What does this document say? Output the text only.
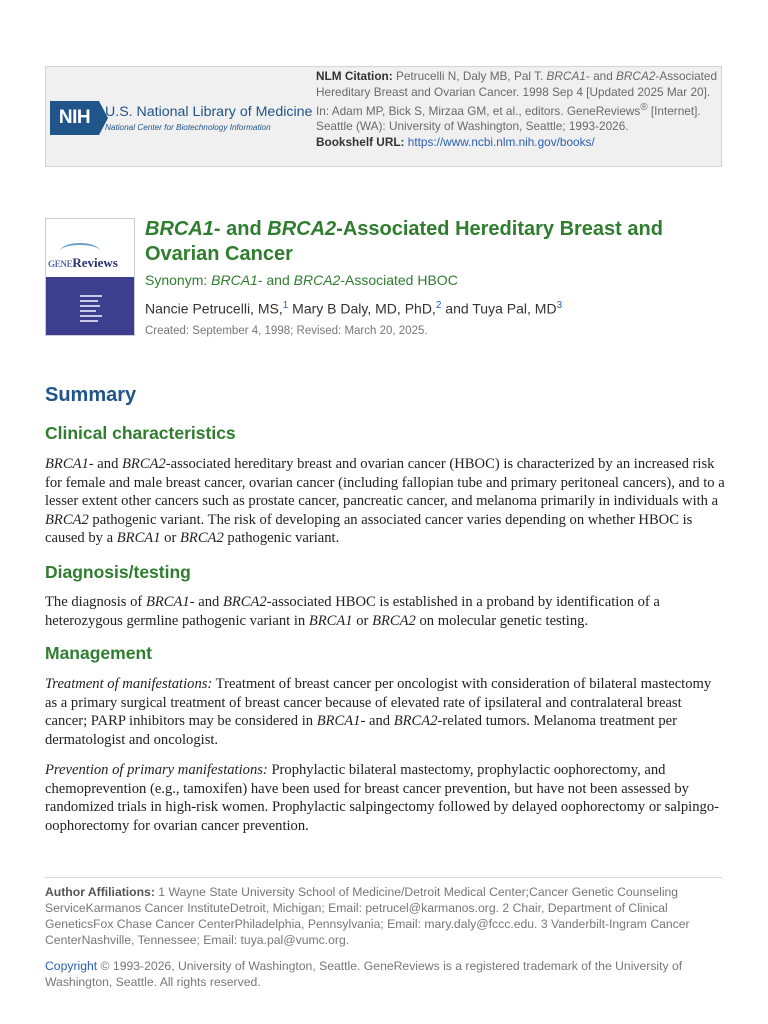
NIH	U.S. National Library of Medicine
National Center for Biotechnology Information
NLM Citation: Petrucelli N, Daly MB, Pal T. BRCA1- and BRCA2-Associated Hereditary Breast and Ovarian Cancer. 1998 Sep 4 [Updated 2025 Mar 20]. In: Adam MP, Bick S, Mirzaa GM, et al., editors. GeneReviews® [Internet]. Seattle (WA): University of Washington, Seattle; 1993-2026.
Bookshelf URL: https://www.ncbi.nlm.nih.gov/books/
GENEReviews
BRCA1- and BRCA2-Associated Hereditary Breast and Ovarian Cancer
Synonym: BRCA1- and BRCA2-Associated HBOC
Nancie Petrucelli, MS,$^1$ Mary B Daly, MD, PhD,$^2$ and Tuya Pal, $MD^3$
Created: September 4, 1998; Revised: March 20, 2025.
Summary
Clinical characteristics

BRCA1- and BRCA2-associated hereditary breast and ovarian cancer (HBOC) is characterized by an increased risk for female and male breast cancer, ovarian cancer (including fallopian tube and primary peritoneal cancers), and to a lesser extent other cancers such as prostate cancer, pancreatic cancer, and melanoma primarily in individuals with a BRCA2 pathogenic variant. The risk of developing an associated cancer varies depending on whether HBOC is caused by a BRCA1 or BRCA2 pathogenic variant.

Diagnosis/testing

The diagnosis of BRCA1- and BRCA2-associated HBOC is established in a proband by identification of a heterozygous germline pathogenic variant in BRCA1 or BRCA2 on molecular genetic testing.

Management

Treatment of manifestations: Treatment of breast cancer per oncologist with consideration of bilateral mastectomy as a primary surgical treatment of breast cancer because of elevated rate of ipsilateral and contralateral breast cancer; PARP inhibitors may be considered in BRCA1- and BRCA2-related tumors. Melanoma treatment per dermatologist and oncologist.

Prevention of primary manifestations: Prophylactic bilateral mastectomy, prophylactic oophorectomy, and chemoprevention (e.g., tamoxifen) have been used for breast cancer prevention, but have not been assessed by randomized trials in high-risk women. Prophylactic salpingectomy followed by delayed oophorectomy or salpingo-oophorectomy for ovarian cancer prevention.

Author Affiliations: 1 Wayne State University School of Medicine/Detroit Medical Center;Cancer Genetic Counseling ServiceKarmanos Cancer InstituteDetroit, Michigan; Email: petrucel@karmanos.org. 2 Chair, Department of Clinical GeneticsFox Chase Cancer CenterPhiladelphia, Pennsylvania; Email: mary.daly@fccc.edu. 3 Vanderbilt-Ingram Cancer CenterNashville, Tennessee; Email: tuya.pal@vumc.org.
Copyright © 1993-2026, University of Washington, Seattle. GeneReviews is a registered trademark of the University of Washington, Seattle. All rights reserved.
